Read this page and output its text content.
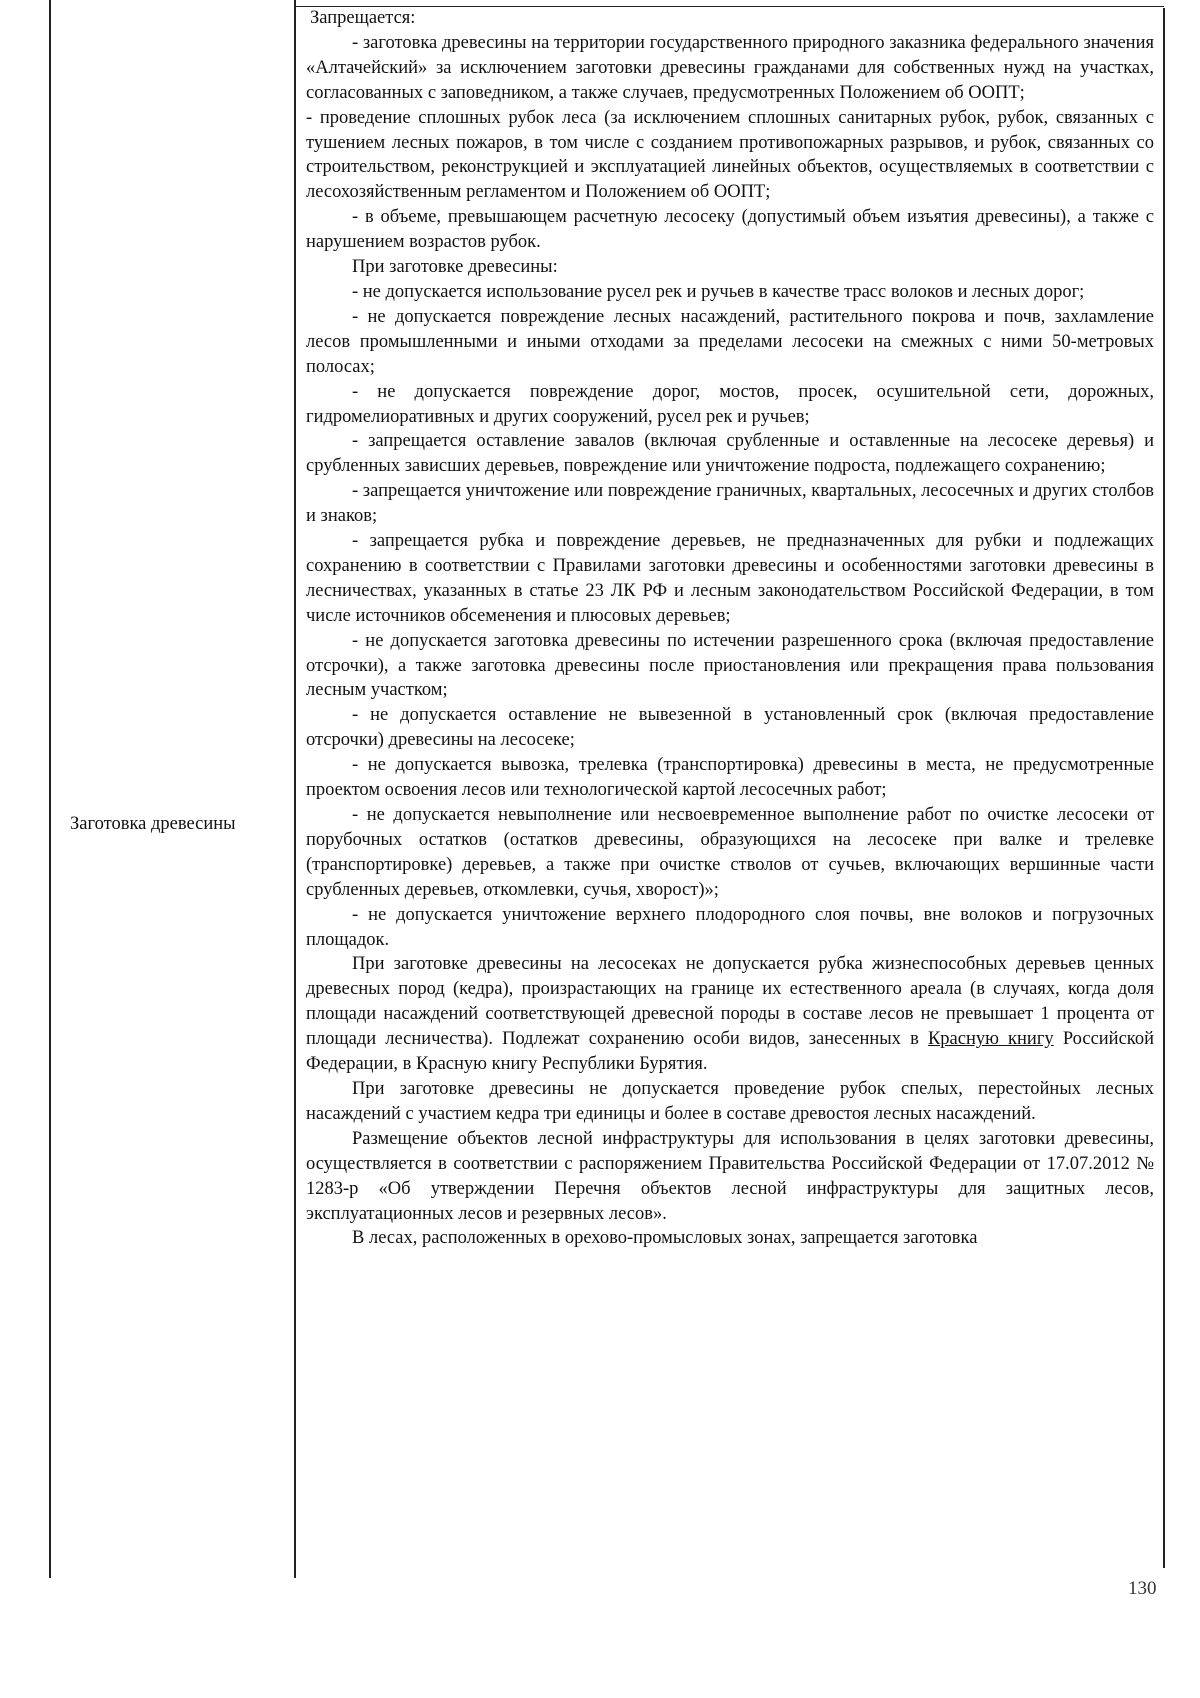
Заготовка древесины

Запрещается:

- заготовка древесины на территории государственного природного заказника федерального значения «Алтачейский» за исключением заготовки древесины гражданами для собственных нужд на участках, согласованных с заповедником, а также случаев, предусмотренных Положением об ООПТ;

- проведение сплошных рубок леса (за исключением сплошных санитарных рубок, рубок, связанных с тушением лесных пожаров, в том числе с созданием противопожарных разрывов, и рубок, связанных со строительством, реконструкцией и эксплуатацией линейных объектов, осуществляемых в соответствии с лесохозяйственным регламентом и Положением об ООПТ;

- в объеме, превышающем расчетную лесосеку (допустимый объем изъятия древесины), а также с нарушением возрастов рубок.

При заготовке древесины:

- не допускается использование русел рек и ручьев в качестве трасс волоков и лесных дорог;

- не допускается повреждение лесных насаждений, растительного покрова и почв, захламление лесов промышленными и иными отходами за пределами лесосеки на смежных с ними 50-метровых полосах;

- не допускается повреждение дорог, мостов, просек, осушительной сети, дорожных, гидромелиоративных и других сооружений, русел рек и ручьев;

- запрещается оставление завалов (включая срубленные и оставленные на лесосеке деревья) и срубленных зависших деревьев, повреждение или уничтожение подроста, подлежащего сохранению;

- запрещается уничтожение или повреждение граничных, квартальных, лесосечных и других столбов и знаков;

- запрещается рубка и повреждение деревьев, не предназначенных для рубки и подлежащих сохранению в соответствии с Правилами заготовки древесины и особенностями заготовки древесины в лесничествах, указанных в статье 23 ЛК РФ и лесным законодательством Российской Федерации, в том числе источников обсеменения и плюсовых деревьев;

- не допускается заготовка древесины по истечении разрешенного срока (включая предоставление отсрочки), а также заготовка древесины после приостановления или прекращения права пользования лесным участком;

- не допускается оставление не вывезенной в установленный срок (включая предоставление отсрочки) древесины на лесосеке;

- не допускается вывозка, трелевка (транспортировка) древесины в места, не предусмотренные проектом освоения лесов или технологической картой лесосечных работ;

- не допускается невыполнение или несвоевременное выполнение работ по очистке лесосеки от порубочных остатков (остатков древесины, образующихся на лесосеке при валке и трелевке (транспортировке) деревьев, а также при очистке стволов от сучьев, включающих вершинные части срубленных деревьев, откомлевки, сучья, хворост)»;

- не допускается уничтожение верхнего плодородного слоя почвы, вне волоков и погрузочных площадок.

При заготовке древесины на лесосеках не допускается рубка жизнеспособных деревьев ценных древесных пород (кедра), произрастающих на границе их естественного ареала (в случаях, когда доля площади насаждений соответствующей древесной породы в составе лесов не превышает 1 процента от площади лесничества). Подлежат сохранению особи видов, занесенных в Красную книгу Российской Федерации, в Красную книгу Республики Бурятия.

При заготовке древесины не допускается проведение рубок спелых, перестойных лесных насаждений с участием кедра три единицы и более в составе древостоя лесных насаждений.

Размещение объектов лесной инфраструктуры для использования в целях заготовки древесины, осуществляется в соответствии с распоряжением Правительства Российской Федерации от 17.07.2012 № 1283-р «Об утверждении Перечня объектов лесной инфраструктуры для защитных лесов, эксплуатационных лесов и резервных лесов».

В лесах, расположенных в орехово-промысловых зонах, запрещается заготовка

130
